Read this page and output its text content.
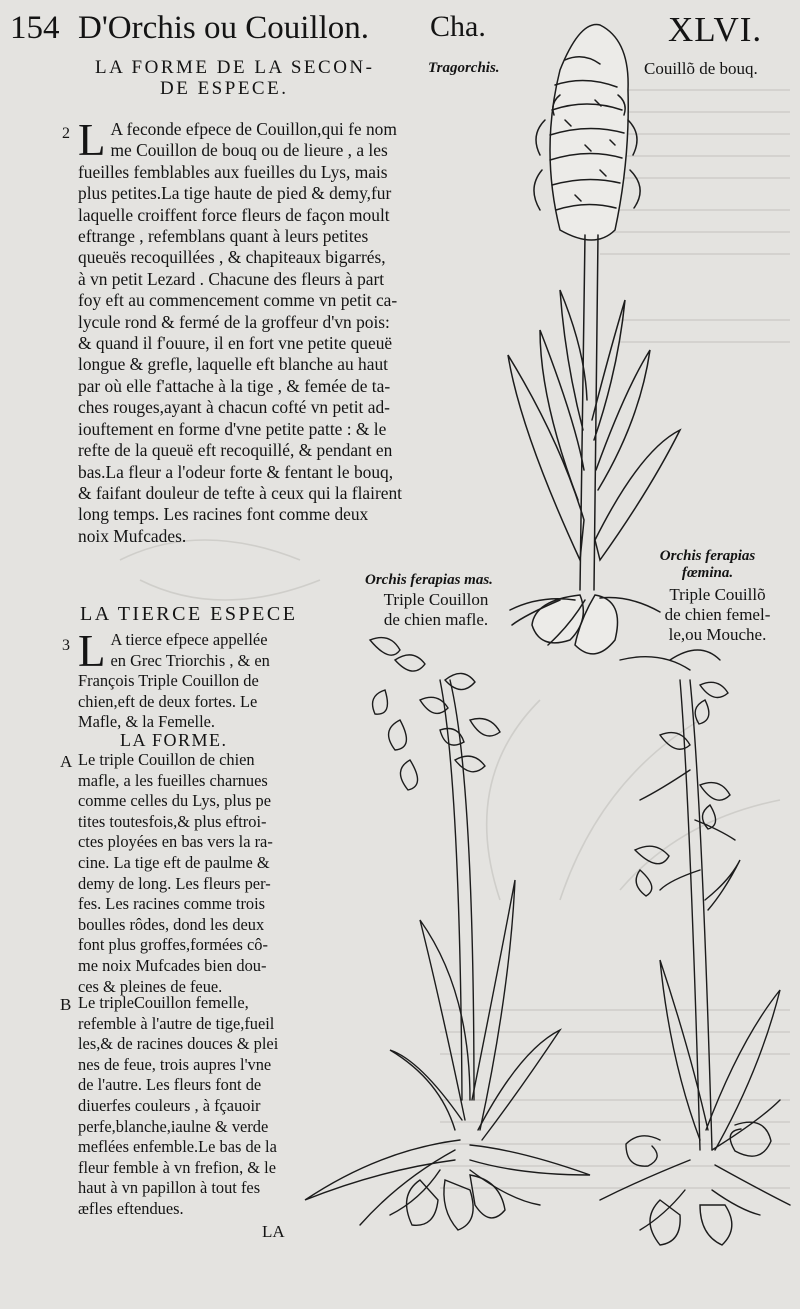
154 D'Orchis ou Couillon. Cha.	XLVI.
LA FORME DE LA SECON-
DE ESPECE.
2 L A feconde efpece de Couillon,qui fe nom
me Couillon de bouq ou de lieure , a les
fueilles femblables aux fueilles du Lys, mais
plus petites.La tige haute de pied & demy,fur
laquelle croiffent force fleurs de façon moult
eftrange , refemblans quant à leurs petites
queuës recoquillées , & chapiteaux bigarrés,
à vn petit Lezard . Chacune des fleurs à part
foy eft au commencement comme vn petit ca-
lycule rond & fermé de la groffeur d'vn pois:
& quand il f'ouure, il en fort vne petite queuë
longue & grefle, laquelle eft blanche au haut
par où elle f'attache à la tige , & femée de ta-
ches rouges,ayant à chacun cofté vn petit ad-
iouftement en forme d'vne petite patte : & le
refte de la queuë eft recoquillé, & pendant en
bas.La fleur a l'odeur forte & fentant le bouq,
& faifant douleur de tefte à ceux qui la flairent
long temps. Les racines font comme deux
noix Mufcades.
LA TIERCE ESPECE
3 L A tierce efpece appellée
en Grec Triorchis , & en
François Triple Couillon de
chien,eft de deux fortes. Le
Mafle, & la Femelle.
LA FORME.
A Le triple Couillon de chien
mafle, a les fueilles charnues
comme celles du Lys, plus pe
tites toutesfois,& plus eftroi-
ctes ployées en bas vers la ra-
cine. La tige eft de paulme &
demy de long. Les fleurs per-
fes. Les racines comme trois
boulles rôdes, dond les deux
font plus groffes,formées cô-
me noix Mufcades bien dou-
ces & pleines de feue.
B Le tripleCouillon femelle,
refemble à l'autre de tige,fueil
les,& de racines douces & plei
nes de feue, trois aupres l'vne
de l'autre. Les fleurs font de
diuerfes couleurs , à fçauoir
perfe,blanche,iaulne & verde
meflées enfemble.Le bas de la
fleur femble à vn frefion, & le
haut à vn papillon à tout fes
æfles eftendues.
LA
Tragorchis.	Couillõ de bouq.
Orchis ferapias mas.
Triple Couillon
de chien mafle.
Orchis ferapias
fœmina.
Triple Couillõ
de chien femel-
le,ou Mouche.
